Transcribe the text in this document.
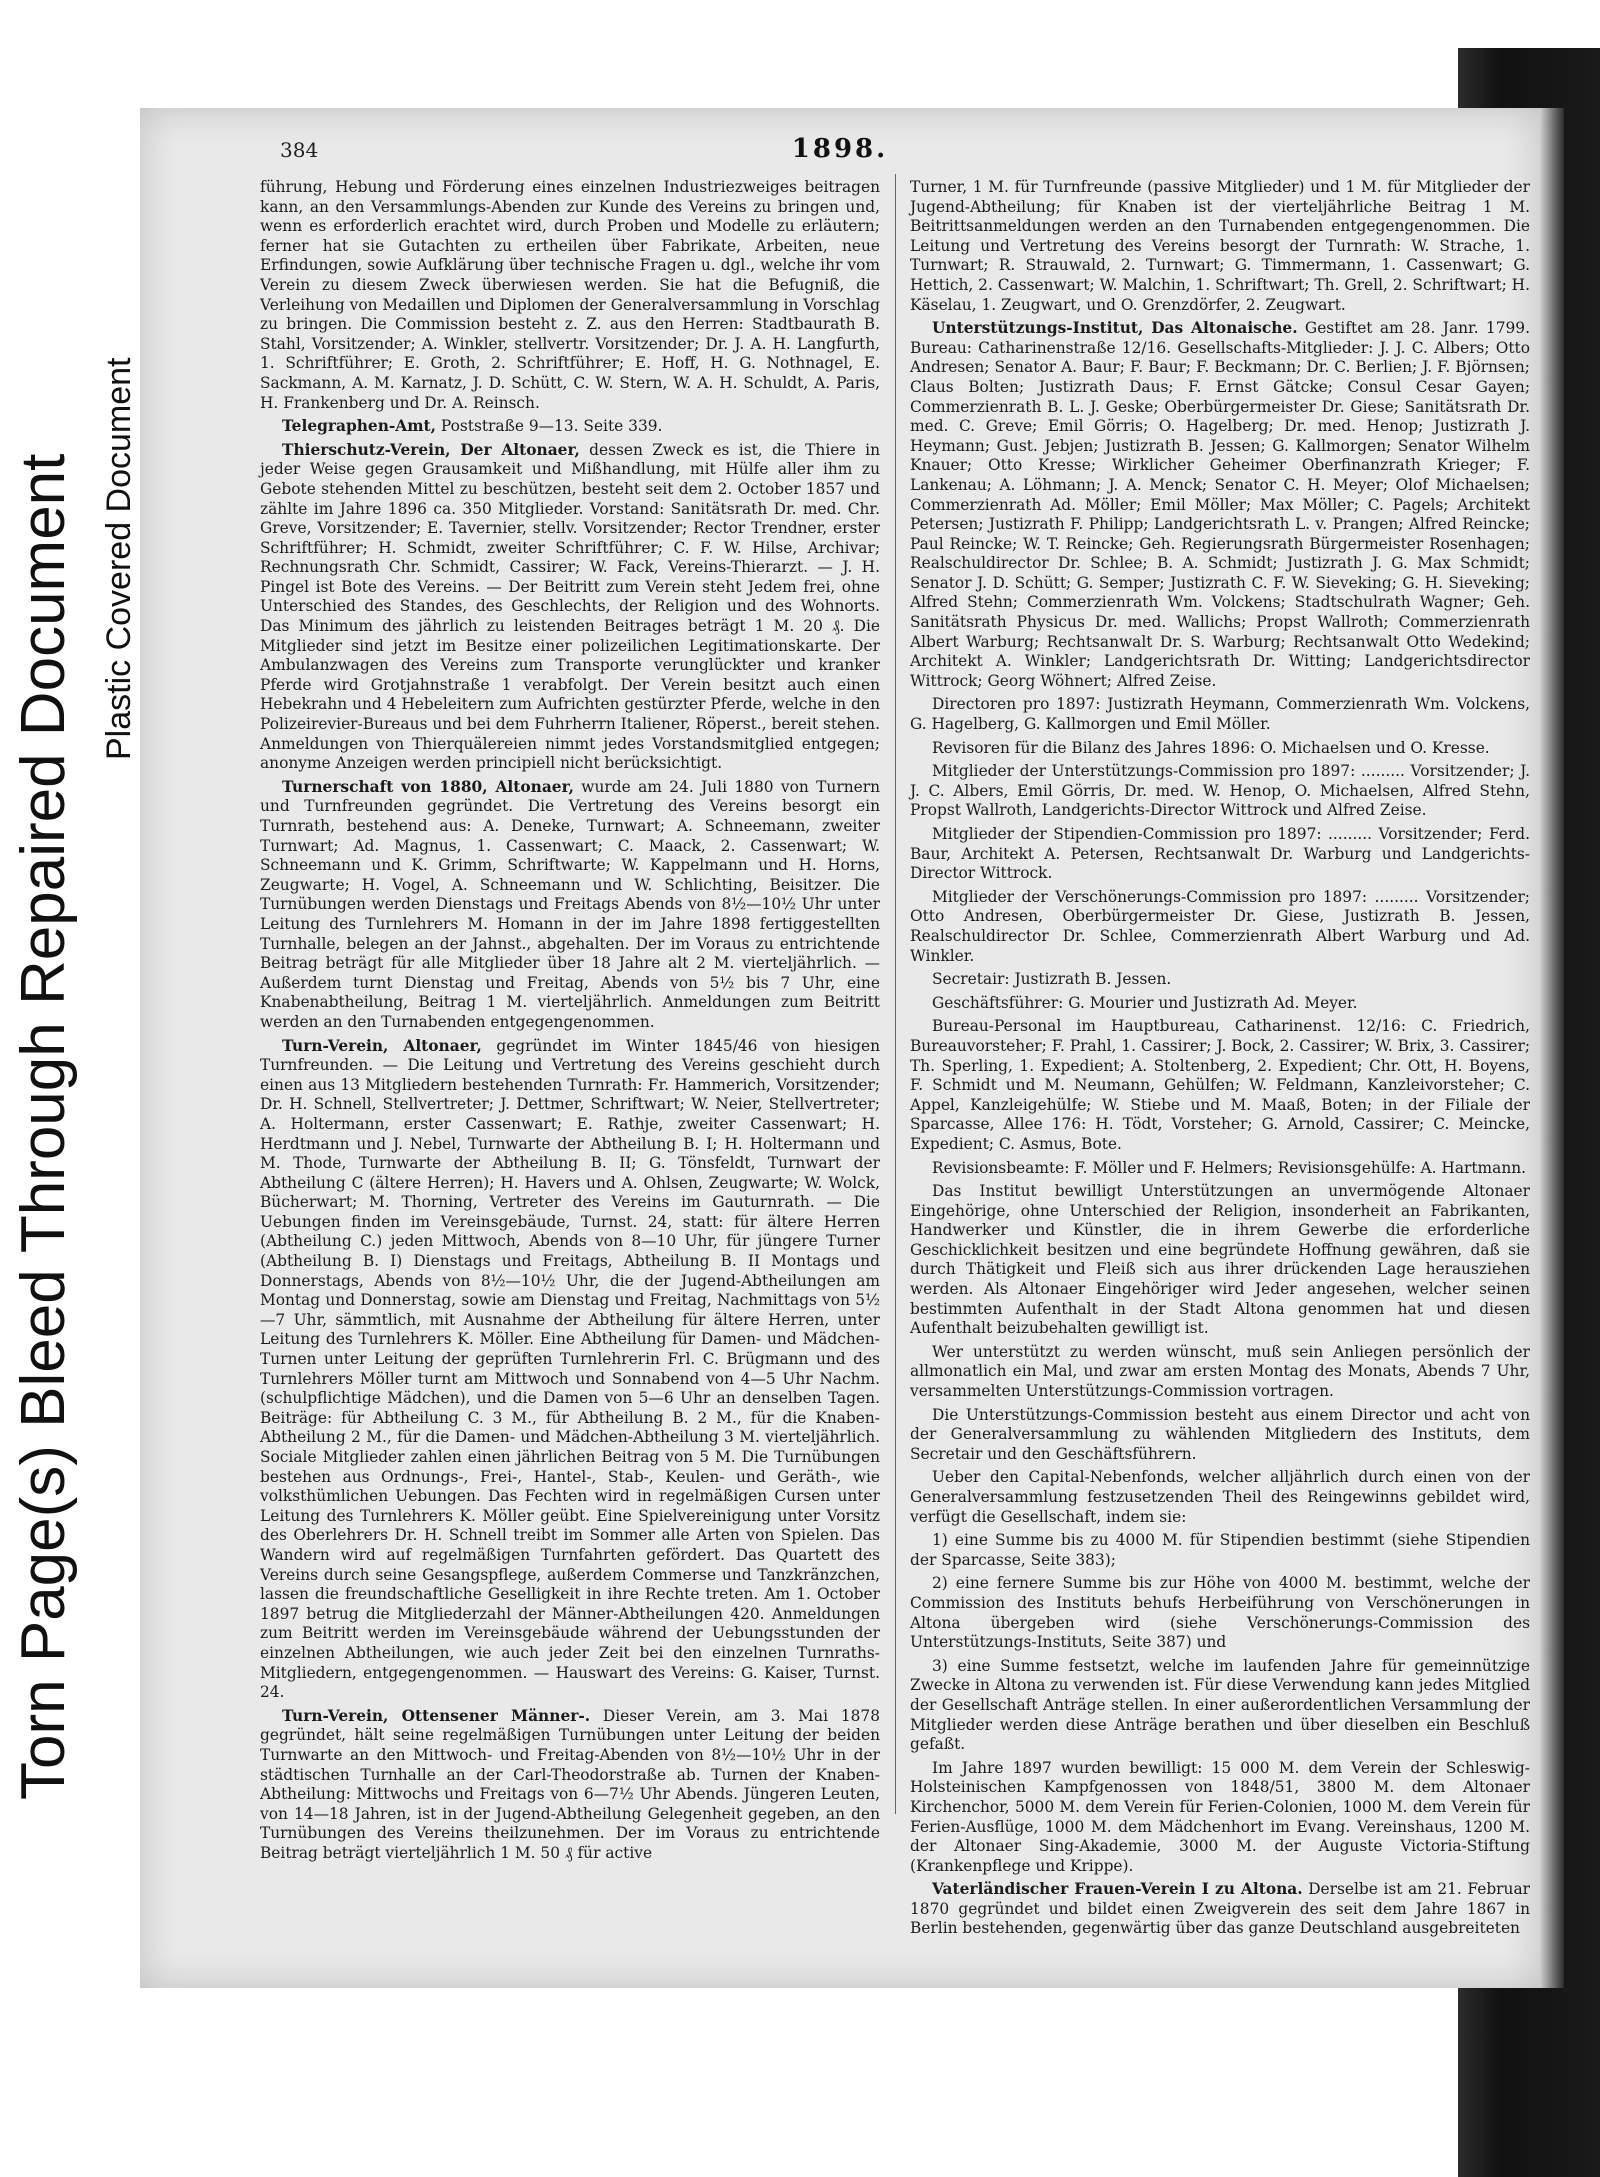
Torn Page(s) Bleed Through Repaired Document Plastic Covered Document
384	1898.

führung, Hebung und Förderung eines einzelnen Industriezweiges beitragen kann, an den Versammlungs-Abenden zur Kunde des Vereins zu bringen und, wenn es erforderlich erachtet wird, durch Proben und Modelle zu erläutern; ferner hat sie Gutachten zu ertheilen über Fabrikate, Arbeiten, neue Erfindungen, sowie Aufklärung über technische Fragen u. dgl., welche ihr vom Verein zu diesem Zweck überwiesen werden. Sie hat die Befugniß, die Verleihung von Medaillen und Diplomen der Generalversammlung in Vorschlag zu bringen. Die Commission besteht z. Z. aus den Herren: Stadtbaurath B. Stahl, Vorsitzender; A. Winkler, stellvertr. Vorsitzender; Dr. J. A. H. Langfurth, 1. Schriftführer; E. Groth, 2. Schriftführer; E. Hoff, H. G. Nothnagel, E. Sackmann, A. M. Karnatz, J. D. Schütt, C. W. Stern, W. A. H. Schuldt, A. Paris, H. Frankenberg und Dr. A. Reinsch.

Telegraphen-Amt, Poststraße 9—13. Seite 339.

Thierschutz-Verein, Der Altonaer, dessen Zweck es ist, die Thiere in jeder Weise gegen Grausamkeit und Mißhandlung, mit Hülfe aller ihm zu Gebote stehenden Mittel zu beschützen, besteht seit dem 2. October 1857 und zählte im Jahre 1896 ca. 350 Mitglieder. Vorstand: Sanitätsrath Dr. med. Chr. Greve, Vorsitzender; E. Tavernier, stellv. Vorsitzender; Rector Trendner, erster Schriftführer; H. Schmidt, zweiter Schriftführer; C. F. W. Hilse, Archivar; Rechnungsrath Chr. Schmidt, Cassirer; W. Fack, Vereins-Thierarzt. — J. H. Pingel ist Bote des Vereins. — Der Beitritt zum Verein steht Jedem frei, ohne Unterschied des Standes, des Geschlechts, der Religion und des Wohnorts. Das Minimum des jährlich zu leistenden Beitrages beträgt 1 M. 20 ₰. Die Mitglieder sind jetzt im Besitze einer polizeilichen Legitimationskarte. Der Ambulanzwagen des Vereins zum Transporte verunglückter und kranker Pferde wird Grotjahnstraße 1 verabfolgt. Der Verein besitzt auch einen Hebekrahn und 4 Hebeleitern zum Aufrichten gestürzter Pferde, welche in den Polizeirevier-Bureaus und bei dem Fuhrherrn Italiener, Röperst., bereit stehen. Anmeldungen von Thierquälereien nimmt jedes Vorstandsmitglied entgegen; anonyme Anzeigen werden principiell nicht berücksichtigt.

Turnerschaft von 1880, Altonaer, wurde am 24. Juli 1880 von Turnern und Turnfreunden gegründet. Die Vertretung des Vereins besorgt ein Turnrath, bestehend aus: A. Deneke, Turnwart; A. Schneemann, zweiter Turnwart; Ad. Magnus, 1. Cassenwart; C. Maack, 2. Cassenwart; W. Schneemann und K. Grimm, Schriftwarte; W. Kappelmann und H. Horns, Zeugwarte; H. Vogel, A. Schneemann und W. Schlichting, Beisitzer. Die Turnübungen werden Dienstags und Freitags Abends von 8½—10½ Uhr unter Leitung des Turnlehrers M. Homann in der im Jahre 1898 fertiggestellten Turnhalle, belegen an der Jahnst., abgehalten. Der im Voraus zu entrichtende Beitrag beträgt für alle Mitglieder über 18 Jahre alt 2 M. vierteljährlich. — Außerdem turnt Dienstag und Freitag, Abends von 5½ bis 7 Uhr, eine Knabenabtheilung, Beitrag 1 M. vierteljährlich. Anmeldungen zum Beitritt werden an den Turnabenden entgegengenommen.

Turn-Verein, Altonaer, gegründet im Winter 1845/46 von hiesigen Turnfreunden. — Die Leitung und Vertretung des Vereins geschieht durch einen aus 13 Mitgliedern bestehenden Turnrath: Fr. Hammerich, Vorsitzender; Dr. H. Schnell, Stellvertreter; J. Dettmer, Schriftwart; W. Neier, Stellvertreter; A. Holtermann, erster Cassenwart; E. Rathje, zweiter Cassenwart; H. Herdtmann und J. Nebel, Turnwarte der Abtheilung B. I; H. Holtermann und M. Thode, Turnwarte der Abtheilung B. II; G. Tönsfeldt, Turnwart der Abtheilung C (ältere Herren); H. Havers und A. Ohlsen, Zeugwarte; W. Wolck, Bücherwart; M. Thorning, Vertreter des Vereins im Gauturnrath. — Die Uebungen finden im Vereinsgebäude, Turnst. 24, statt: für ältere Herren (Abtheilung C.) jeden Mittwoch, Abends von 8—10 Uhr, für jüngere Turner (Abtheilung B. I) Dienstags und Freitags, Abtheilung B. II Montags und Donnerstags, Abends von 8½—10½ Uhr, die der Jugend-Abtheilungen am Montag und Donnerstag, sowie am Dienstag und Freitag, Nachmittags von 5½—7 Uhr, sämmtlich, mit Ausnahme der Abtheilung für ältere Herren, unter Leitung des Turnlehrers K. Möller. Eine Abtheilung für Damen- und Mädchen-Turnen unter Leitung der geprüften Turnlehrerin Frl. C. Brügmann und des Turnlehrers Möller turnt am Mittwoch und Sonnabend von 4—5 Uhr Nachm. (schulpflichtige Mädchen), und die Damen von 5—6 Uhr an denselben Tagen. Beiträge: für Abtheilung C. 3 M., für Abtheilung B. 2 M., für die Knaben-Abtheilung 2 M., für die Damen- und Mädchen-Abtheilung 3 M. vierteljährlich. Sociale Mitglieder zahlen einen jährlichen Beitrag von 5 M. Die Turnübungen bestehen aus Ordnungs-, Frei-, Hantel-, Stab-, Keulen- und Geräth-, wie volksthümlichen Uebungen. Das Fechten wird in regelmäßigen Cursen unter Leitung des Turnlehrers K. Möller geübt. Eine Spielvereinigung unter Vorsitz des Oberlehrers Dr. H. Schnell treibt im Sommer alle Arten von Spielen. Das Wandern wird auf regelmäßigen Turnfahrten gefördert. Das Quartett des Vereins durch seine Gesangspflege, außerdem Commerse und Tanzkränzchen, lassen die freundschaftliche Geselligkeit in ihre Rechte treten. Am 1. October 1897 betrug die Mitgliederzahl der Männer-Abtheilungen 420. Anmeldungen zum Beitritt werden im Vereinsgebäude während der Uebungsstunden der einzelnen Abtheilungen, wie auch jeder Zeit bei den einzelnen Turnraths-Mitgliedern, entgegengenommen. — Hauswart des Vereins: G. Kaiser, Turnst. 24.

Turn-Verein, Ottensener Männer-. Dieser Verein, am 3. Mai 1878 gegründet, hält seine regelmäßigen Turnübungen unter Leitung der beiden Turnwarte an den Mittwoch- und Freitag-Abenden von 8½—10½ Uhr in der städtischen Turnhalle an der Carl-Theodorstraße ab. Turnen der Knaben-Abtheilung: Mittwochs und Freitags von 6—7½ Uhr Abends. Jüngeren Leuten, von 14—18 Jahren, ist in der Jugend-Abtheilung Gelegenheit gegeben, an den Turnübungen des Vereins theilzunehmen. Der im Voraus zu entrichtende Beitrag beträgt vierteljährlich 1 M. 50 ₰ für active

Turner, 1 M. für Turnfreunde (passive Mitglieder) und 1 M. für Mitglieder der Jugend-Abtheilung; für Knaben ist der vierteljährliche Beitrag 1 M. Beitrittsanmeldungen werden an den Turnabenden entgegengenommen. Die Leitung und Vertretung des Vereins besorgt der Turnrath: W. Strache, 1. Turnwart; R. Strauwald, 2. Turnwart; G. Timmermann, 1. Cassenwart; G. Hettich, 2. Cassenwart; W. Malchin, 1. Schriftwart; Th. Grell, 2. Schriftwart; H. Käselau, 1. Zeugwart, und O. Grenzdörfer, 2. Zeugwart.

Unterstützungs-Institut, Das Altonaische. Gestiftet am 28. Janr. 1799. Bureau: Catharinenstraße 12/16. Gesellschafts-Mitglieder: J. J. C. Albers; Otto Andresen; Senator A. Baur; F. Baur; F. Beckmann; Dr. C. Berlien; J. F. Björnsen; Claus Bolten; Justizrath Daus; F. Ernst Gätcke; Consul Cesar Gayen; Commerzienrath B. L. J. Geske; Oberbürgermeister Dr. Giese; Sanitätsrath Dr. med. C. Greve; Emil Görris; O. Hagelberg; Dr. med. Henop; Justizrath J. Heymann; Gust. Jebjen; Justizrath B. Jessen; G. Kallmorgen; Senator Wilhelm Knauer; Otto Kresse; Wirklicher Geheimer Oberfinanzrath Krieger; F. Lankenau; A. Löhmann; J. A. Menck; Senator C. H. Meyer; Olof Michaelsen; Commerzienrath Ad. Möller; Emil Möller; Max Möller; C. Pagels; Architekt Petersen; Justizrath F. Philipp; Landgerichtsrath L. v. Prangen; Alfred Reincke; Paul Reincke; W. T. Reincke; Geh. Regierungsrath Bürgermeister Rosenhagen; Realschuldirector Dr. Schlee; B. A. Schmidt; Justizrath J. G. Max Schmidt; Senator J. D. Schütt; G. Semper; Justizrath C. F. W. Sieveking; G. H. Sieveking; Alfred Stehn; Commerzienrath Wm. Volckens; Stadtschulrath Wagner; Geh. Sanitätsrath Physicus Dr. med. Wallichs; Propst Wallroth; Commerzienrath Albert Warburg; Rechtsanwalt Dr. S. Warburg; Rechtsanwalt Otto Wedekind; Architekt A. Winkler; Landgerichtsrath Dr. Witting; Landgerichtsdirector Wittrock; Georg Wöhnert; Alfred Zeise.

Directoren pro 1897: Justizrath Heymann, Commerzienrath Wm. Volckens, G. Hagelberg, G. Kallmorgen und Emil Möller.

Revisoren für die Bilanz des Jahres 1896: O. Michaelsen und O. Kresse.

Mitglieder der Unterstützungs-Commission pro 1897: ......... Vorsitzender; J. J. C. Albers, Emil Görris, Dr. med. W. Henop, O. Michaelsen, Alfred Stehn, Propst Wallroth, Landgerichts-Director Wittrock und Alfred Zeise.

Mitglieder der Stipendien-Commission pro 1897: ......... Vorsitzender; Ferd. Baur, Architekt A. Petersen, Rechtsanwalt Dr. Warburg und Landgerichts-Director Wittrock.

Mitglieder der Verschönerungs-Commission pro 1897: ......... Vorsitzender; Otto Andresen, Oberbürgermeister Dr. Giese, Justizrath B. Jessen, Realschuldirector Dr. Schlee, Commerzienrath Albert Warburg und Ad. Winkler.

Secretair: Justizrath B. Jessen.

Geschäftsführer: G. Mourier und Justizrath Ad. Meyer.

Bureau-Personal im Hauptbureau, Catharinenst. 12/16: C. Friedrich, Bureauvorsteher; F. Prahl, 1. Cassirer; J. Bock, 2. Cassirer; W. Brix, 3. Cassirer; Th. Sperling, 1. Expedient; A. Stoltenberg, 2. Expedient; Chr. Ott, H. Boyens, F. Schmidt und M. Neumann, Gehülfen; W. Feldmann, Kanzleivorsteher; C. Appel, Kanzleigehülfe; W. Stiebe und M. Maaß, Boten; in der Filiale der Sparcasse, Allee 176: H. Tödt, Vorsteher; G. Arnold, Cassirer; C. Meincke, Expedient; C. Asmus, Bote.

Revisionsbeamte: F. Möller und F. Helmers; Revisionsgehülfe: A. Hartmann.

Das Institut bewilligt Unterstützungen an unvermögende Altonaer Eingehörige, ohne Unterschied der Religion, insonderheit an Fabrikanten, Handwerker und Künstler, die in ihrem Gewerbe die erforderliche Geschicklichkeit besitzen und eine begründete Hoffnung gewähren, daß sie durch Thätigkeit und Fleiß sich aus ihrer drückenden Lage herausziehen werden. Als Altonaer Eingehöriger wird Jeder angesehen, welcher seinen bestimmten Aufenthalt in der Stadt Altona genommen hat und diesen Aufenthalt beizubehalten gewilligt ist.

Wer unterstützt zu werden wünscht, muß sein Anliegen persönlich der allmonatlich ein Mal, und zwar am ersten Montag des Monats, Abends 7 Uhr, versammelten Unterstützungs-Commission vortragen.

Die Unterstützungs-Commission besteht aus einem Director und acht von der Generalversammlung zu wählenden Mitgliedern des Instituts, dem Secretair und den Geschäftsführern.

Ueber den Capital-Nebenfonds, welcher alljährlich durch einen von der Generalversammlung festzusetzenden Theil des Reingewinns gebildet wird, verfügt die Gesellschaft, indem sie:

1) eine Summe bis zu 4000 M. für Stipendien bestimmt (siehe Stipendien der Sparcasse, Seite 383);

2) eine fernere Summe bis zur Höhe von 4000 M. bestimmt, welche der Commission des Instituts behufs Herbeiführung von Verschönerungen in Altona übergeben wird (siehe Verschönerungs-Commission des Unterstützungs-Instituts, Seite 387) und

3) eine Summe festsetzt, welche im laufenden Jahre für gemeinnützige Zwecke in Altona zu verwenden ist. Für diese Verwendung kann jedes Mitglied der Gesellschaft Anträge stellen. In einer außerordentlichen Versammlung der Mitglieder werden diese Anträge berathen und über dieselben ein Beschluß gefaßt.

Im Jahre 1897 wurden bewilligt: 15 000 M. dem Verein der Schleswig-Holsteinischen Kampfgenossen von 1848/51, 3800 M. dem Altonaer Kirchenchor, 5000 M. dem Verein für Ferien-Colonien, 1000 M. dem Verein für Ferien-Ausflüge, 1000 M. dem Mädchenhort im Evang. Vereinshaus, 1200 M. der Altonaer Sing-Akademie, 3000 M. der Auguste Victoria-Stiftung (Krankenpflege und Krippe).

Vaterländischer Frauen-Verein I zu Altona. Derselbe ist am 21. Februar 1870 gegründet und bildet einen Zweigverein des seit dem Jahre 1867 in Berlin bestehenden, gegenwärtig über das ganze Deutschland ausgebreiteten
